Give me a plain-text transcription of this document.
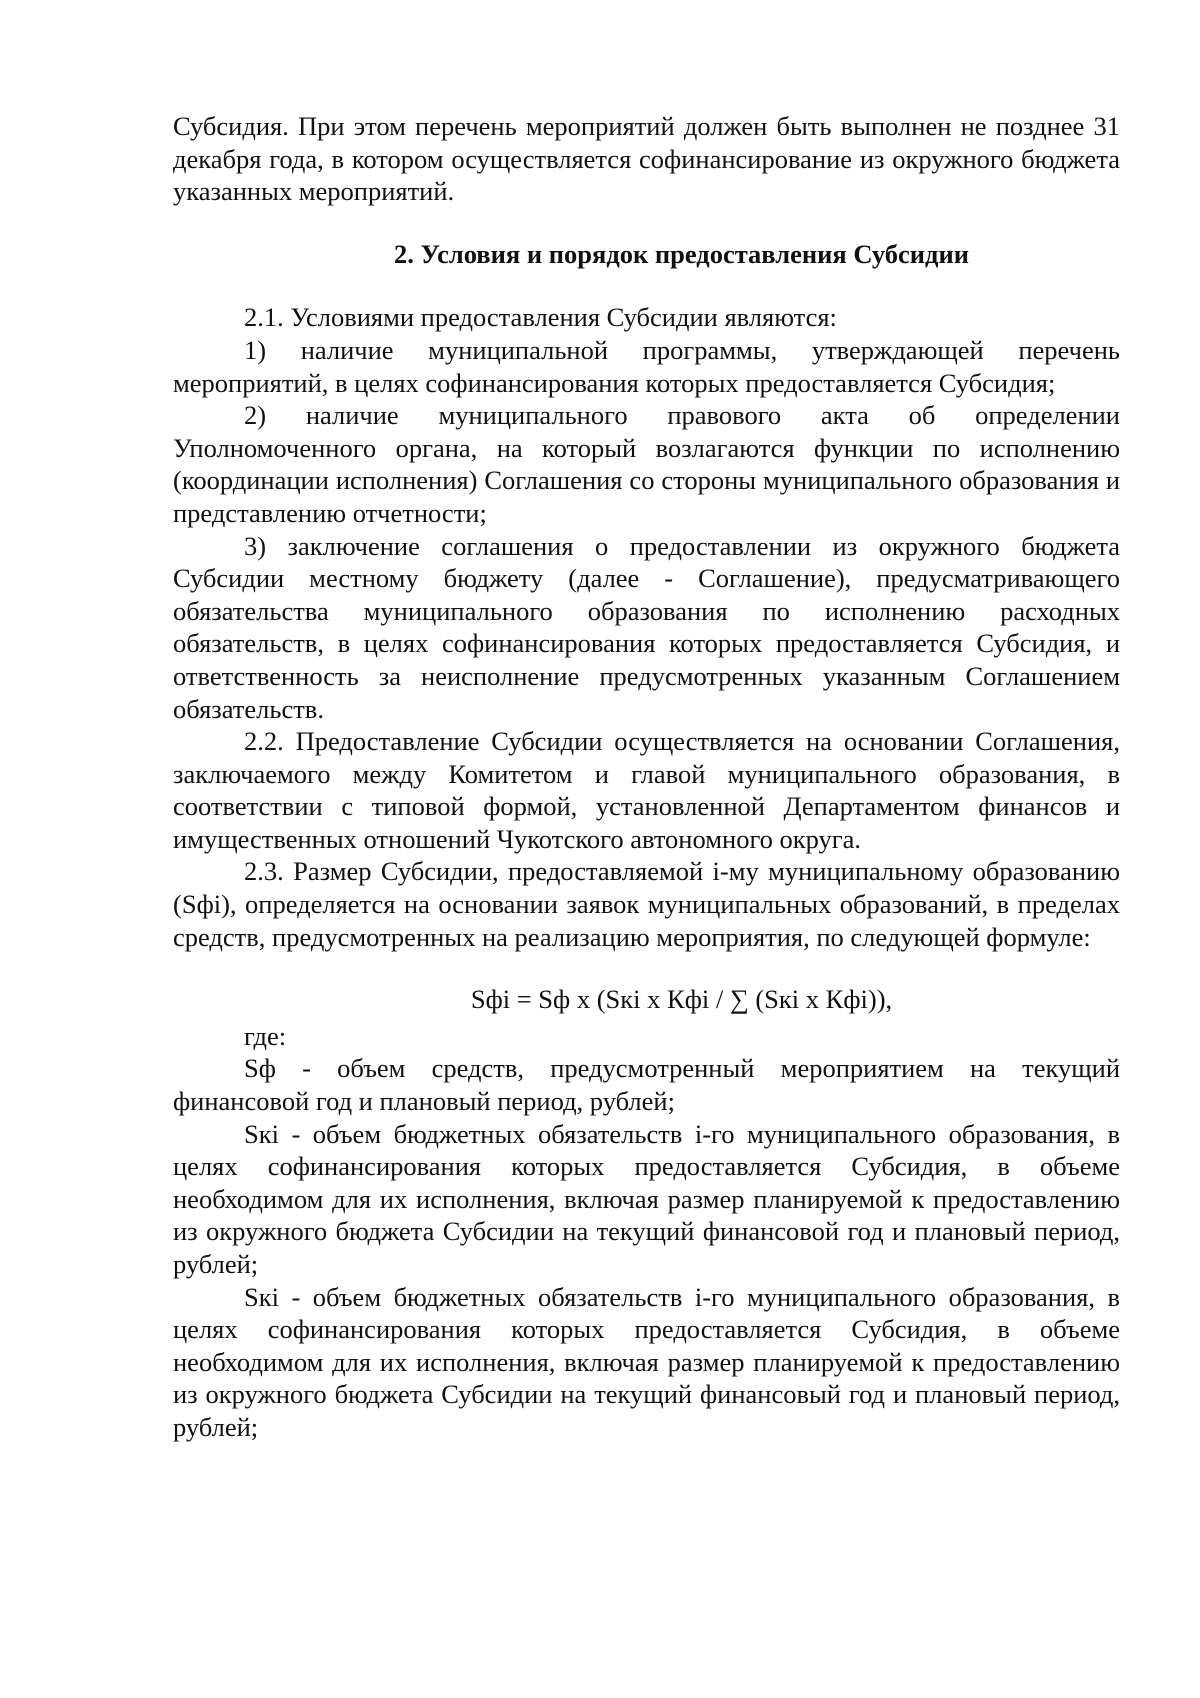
Субсидия. При этом перечень мероприятий должен быть выполнен не позднее 31 декабря года, в котором осуществляется софинансирование из окружного бюджета указанных мероприятий.

2. Условия и порядок предоставления Субсидии

2.1. Условиями предоставления Субсидии являются:

1) наличие муниципальной программы, утверждающей перечень мероприятий, в целях софинансирования которых предоставляется Субсидия;

2) наличие муниципального правового акта об определении Уполномоченного органа, на который возлагаются функции по исполнению (координации исполнения) Соглашения со стороны муниципального образования и представлению отчетности;

3) заключение соглашения о предоставлении из окружного бюджета Субсидии местному бюджету (далее - Соглашение), предусматривающего обязательства муниципального образования по исполнению расходных обязательств, в целях софинансирования которых предоставляется Субсидия, и ответственность за неисполнение предусмотренных указанным Соглашением обязательств.

2.2. Предоставление Субсидии осуществляется на основании Соглашения, заключаемого между Комитетом и главой муниципального образования, в соответствии с типовой формой, установленной Департаментом финансов и имущественных отношений Чукотского автономного округа.

2.3. Размер Субсидии, предоставляемой i-му муниципальному образованию (Sфi), определяется на основании заявок муниципальных образований, в пределах средств, предусмотренных на реализацию мероприятия, по следующей формуле:

Sфi = Sф х (Sкi х Кфi / ∑ (Sкi х Кфi)),

где:

Sф - объем средств, предусмотренный мероприятием на текущий финансовой год и плановый период, рублей;

Sкi - объем бюджетных обязательств i-го муниципального образования, в целях софинансирования которых предоставляется Субсидия, в объеме необходимом для их исполнения, включая размер планируемой к предоставлению из окружного бюджета Субсидии на текущий финансовой год и плановый период, рублей;

Sкi - объем бюджетных обязательств i-го муниципального образования, в целях софинансирования которых предоставляется Субсидия, в объеме необходимом для их исполнения, включая размер планируемой к предоставлению из окружного бюджета Субсидии на текущий финансовый год и плановый период, рублей;
